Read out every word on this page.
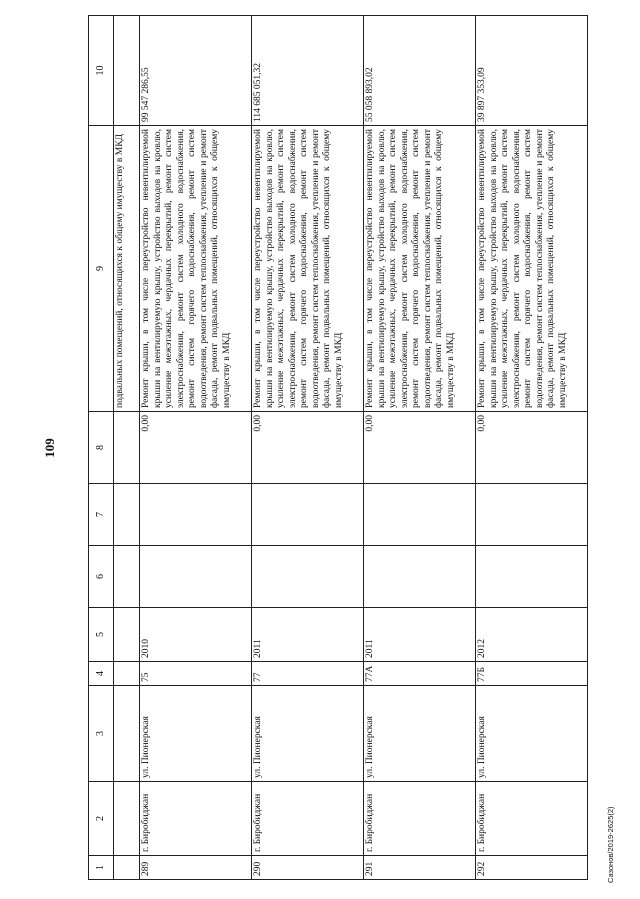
109
1	2	3	4	5	6	7	8	9	10
								подвальных помещений, относящихся к общему имуществу в МКД	
289	г. Биробиджан	ул. Пионерская	75	2010			0,00	Ремонт крыши, в том числе переустройство невентилируемой крыши на вентилируемую крышу, устройство выходов на кровлю, усиление межэтажных, чердачных перекрытий, ремонт систем электроснабжения, ремонт систем холодного водоснабжения, ремонт систем горячего водоснабжения, ремонт систем водоотведения, ремонт систем теплоснабжения, утепление и ремонт фасада, ремонт подвальных помещений, относящихся к общему имуществу в МКД	99 547 286,55
290	г. Биробиджан	ул. Пионерская	77	2011			0,00	Ремонт крыши, в том числе переустройство невентилируемой крыши на вентилируемую крышу, устройство выходов на кровлю, усиление межэтажных, чердачных перекрытий, ремонт систем электроснабжения, ремонт систем холодного водоснабжения, ремонт систем горячего водоснабжения, ремонт систем водоотведения, ремонт систем теплоснабжения, утепление и ремонт фасада, ремонт подвальных помещений, относящихся к общему имуществу в МКД	114 685 051,32
291	г. Биробиджан	ул. Пионерская	77А	2011			0,00	Ремонт крыши, в том числе переустройство невентилируемой крыши на вентилируемую крышу, устройство выходов на кровлю, усиление межэтажных, чердачных перекрытий, ремонт систем электроснабжения, ремонт систем холодного водоснабжения, ремонт систем горячего водоснабжения, ремонт систем водоотведения, ремонт систем теплоснабжения, утепление и ремонт фасада, ремонт подвальных помещений, относящихся к общему имуществу в МКД	55 058 893,02
292	г. Биробиджан	ул. Пионерская	77Б	2012			0,00	Ремонт крыши, в том числе переустройство невентилируемой крыши на вентилируемую крышу, устройство выходов на кровлю, усиление межэтажных, чердачных перекрытий, ремонт систем электроснабжения, ремонт систем холодного водоснабжения, ремонт систем горячего водоснабжения, ремонт систем водоотведения, ремонт систем теплоснабжения, утепление и ремонт фасада, ремонт подвальных помещений, относящихся к общему имуществу в МКД	39 897 353,09
Сазонов/2019-2625(2)
